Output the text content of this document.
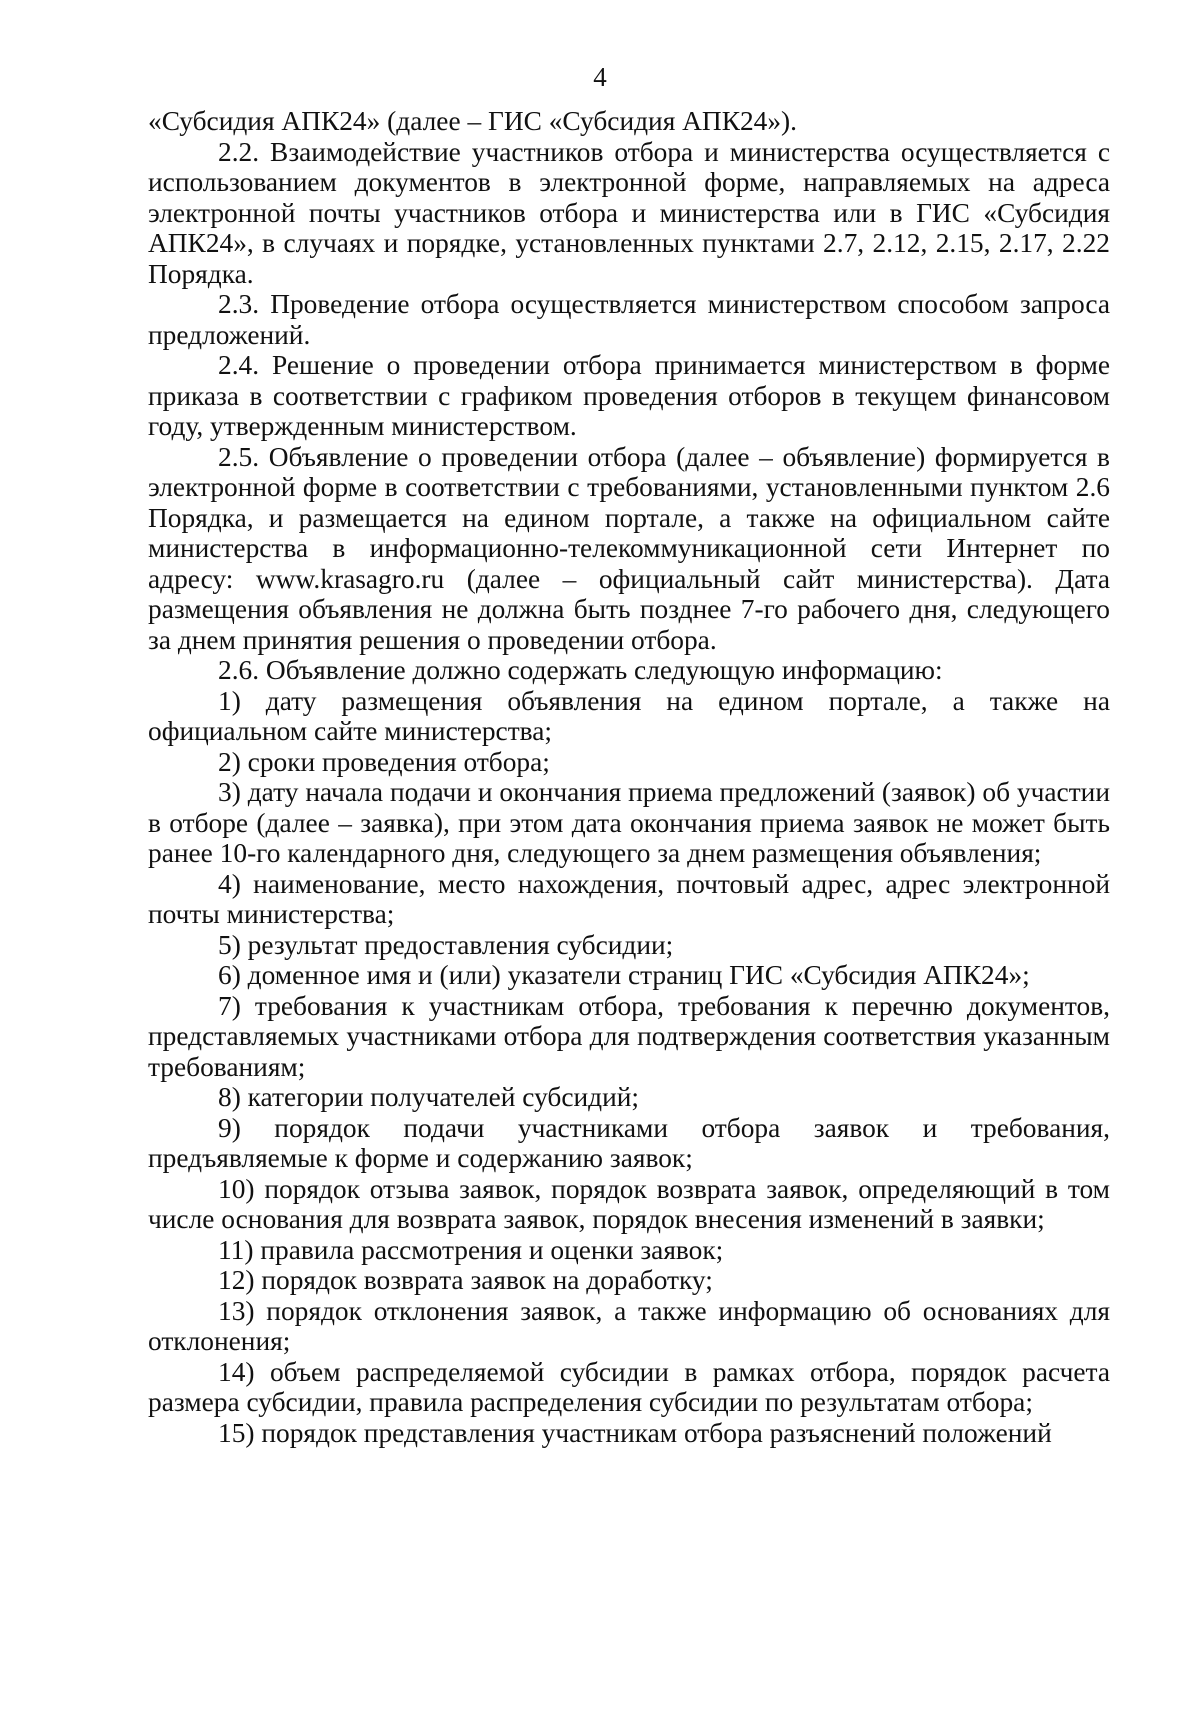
4

«Субсидия АПК24» (далее – ГИС «Субсидия АПК24»).

2.2. Взаимодействие участников отбора и министерства осуществляется с использованием документов в электронной форме, направляемых на адреса электронной почты участников отбора и министерства или в ГИС «Субсидия АПК24», в случаях и порядке, установленных пунктами 2.7, 2.12, 2.15, 2.17, 2.22 Порядка.

2.3. Проведение отбора осуществляется министерством способом запроса предложений.

2.4. Решение о проведении отбора принимается министерством в форме приказа в соответствии с графиком проведения отборов в текущем финансовом году, утвержденным министерством.

2.5. Объявление о проведении отбора (далее – объявление) формируется в электронной форме в соответствии с требованиями, установленными пунктом 2.6 Порядка, и размещается на едином портале, а также на официальном сайте министерства в информационно-телекоммуникационной сети Интернет по адресу: www.krasagro.ru (далее – официальный сайт министерства). Дата размещения объявления не должна быть позднее 7-го рабочего дня, следующего за днем принятия решения о проведении отбора.

2.6. Объявление должно содержать следующую информацию:

1) дату размещения объявления на едином портале, а также на официальном сайте министерства;

2) сроки проведения отбора;

3) дату начала подачи и окончания приема предложений (заявок) об участии в отборе (далее – заявка), при этом дата окончания приема заявок не может быть ранее 10-го календарного дня, следующего за днем размещения объявления;

4) наименование, место нахождения, почтовый адрес, адрес электронной почты министерства;

5) результат предоставления субсидии;

6) доменное имя и (или) указатели страниц ГИС «Субсидия АПК24»;

7) требования к участникам отбора, требования к перечню документов, представляемых участниками отбора для подтверждения соответствия указанным требованиям;

8) категории получателей субсидий;

9) порядок подачи участниками отбора заявок и требования, предъявляемые к форме и содержанию заявок;

10) порядок отзыва заявок, порядок возврата заявок, определяющий в том числе основания для возврата заявок, порядок внесения изменений в заявки;

11) правила рассмотрения и оценки заявок;

12) порядок возврата заявок на доработку;

13) порядок отклонения заявок, а также информацию об основаниях для отклонения;

14) объем распределяемой субсидии в рамках отбора, порядок расчета размера субсидии, правила распределения субсидии по результатам отбора;

15) порядок представления участникам отбора разъяснений положений
